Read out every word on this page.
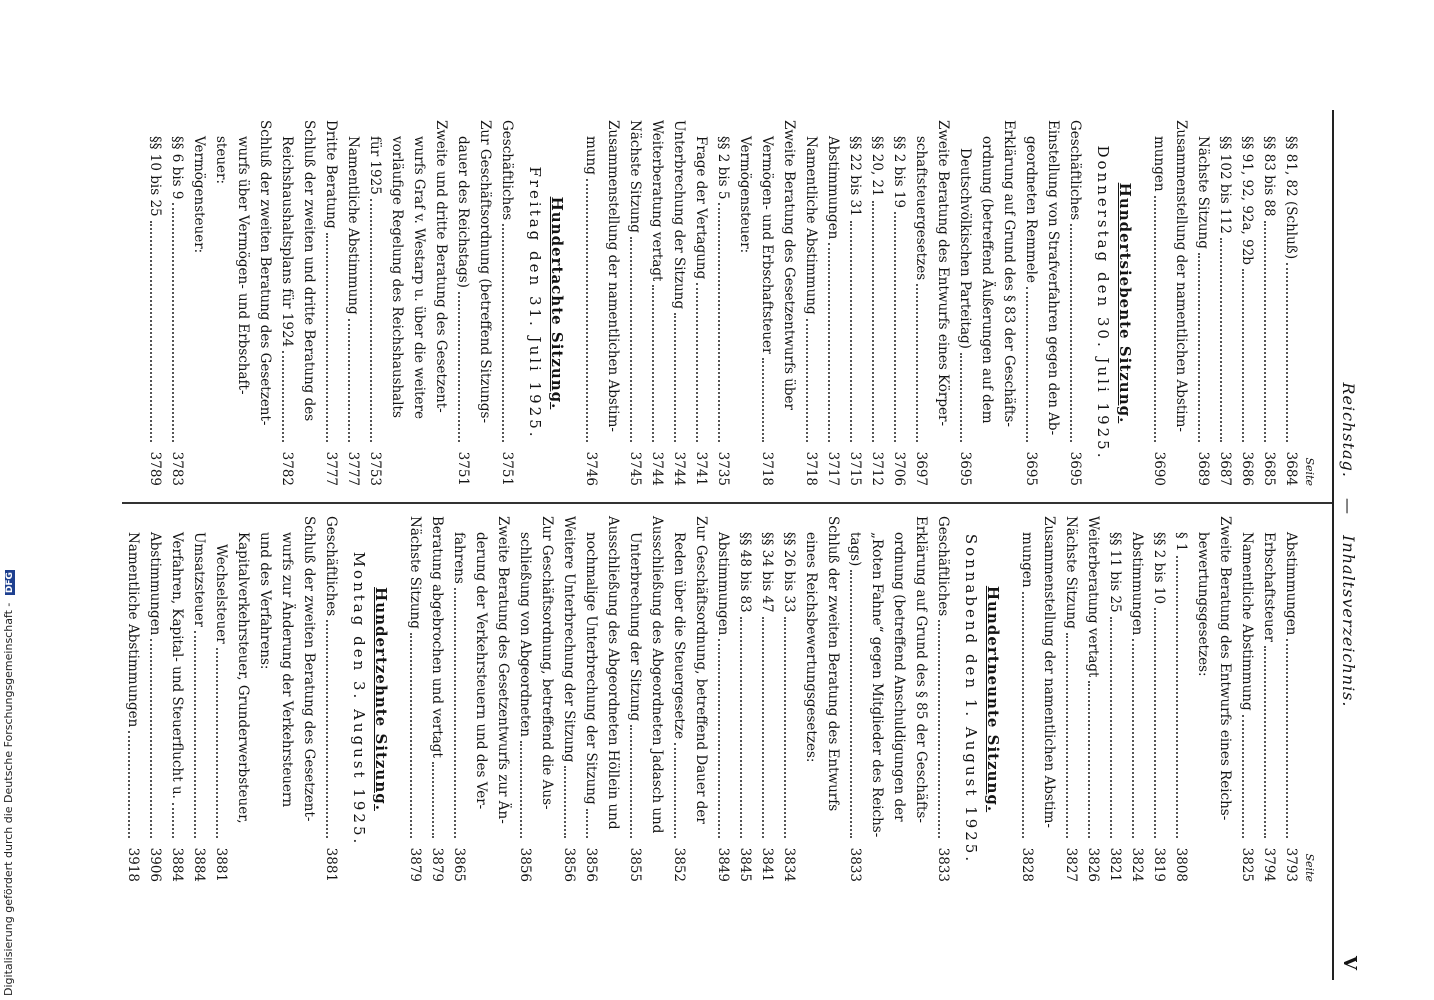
Reichstag. — Inhaltsverzeichnis.
V
Seite
§§ 81, 82 (Schluß)
3684
§§ 83 bis 88
3685
§§ 91, 92, 92a, 92b
3686
§§ 102 bis 112
3687
Nächste Sitzung
3689
Zusammenstellung der namentlichen Abstim-
mungen
3690
Hundertsiebente Sitzung.
Donnerstag den 30. Juli 1925.
Geschäftliches
3695
Einstellung von Strafverfahren gegen den Ab-
geordneten Remmele
3695
Erklärung auf Grund des § 83 der Geschäfts-
ordnung (betreffend Äußerungen auf dem
Deutschvölkischen Parteitag)
3695
Zweite Beratung des Entwurfs eines Körper-
schaftsteuergesetzes
3697
§§ 2 bis 19
3706
§§ 20, 21
3712
§§ 22 bis 31
3715
Abstimmungen
3717
Namentliche Abstimmung
3718
Zweite Beratung des Gesetzentwurfs über
Vermögen- und Erbschaftsteuer
3718
Vermögensteuer:
§§ 2 bis 5
3735
Frage der Vertagung
3741
Unterbrechung der Sitzung
3744
Weiterberatung vertagt
3744
Nächste Sitzung
3745
Zusammenstellung der namentlichen Abstim-
mung
3746
Hundertachte Sitzung.
Freitag den 31. Juli 1925.
Geschäftliches
3751
Zur Geschäftsordnung (betreffend Sitzungs-
dauer des Reichstags)
3751
Zweite und dritte Beratung des Gesetzent-
wurfs Graf v. Westarp u. über die weitere
vorläufige Regelung des Reichshaushalts
für 1925
3753
Namentliche Abstimmung
3777
Dritte Beratung
3777
Schluß der zweiten und dritte Beratung des
Reichshaushaltsplans für 1924
3782
Schluß der zweiten Beratung des Gesetzent-
wurfs über Vermögen- und Erbschaft-
steuer:
Vermögensteuer:
§§ 6 bis 9
3783
§§ 10 bis 25
3789
Seite
Abstimmungen
3793
Erbschaftsteuer
3794
Namentliche Abstimmung
3825
Zweite Beratung des Entwurfs eines Reichs-
bewertungsgesetzes:
§ 1
3808
§§ 2 bis 10
3819
Abstimmungen
3824
§§ 11 bis 25
3821
Weiterberatung vertagt
3826
Nächste Sitzung
3827
Zusammenstellung der namentlichen Abstim-
mungen
3828
Hundertneunte Sitzung.
Sonnabend den 1. August 1925.
Geschäftliches
3833
Erklärung auf Grund des § 85 der Geschäfts-
ordnung (betreffend Anschuldigungen der
„Roten Fahne“ gegen Mitglieder des Reichs-
tags)
3833
Schluß der zweiten Beratung des Entwurfs
eines Reichsbewertungsgesetzes:
§§ 26 bis 33
3834
§§ 34 bis 47
3841
§§ 48 bis 83
3845
Abstimmungen
3849
Zur Geschäftsordnung, betreffend Dauer der
Reden über die Steuergesetze
3852
Ausschließung des Abgeordneten Jadasch und
Unterbrechung der Sitzung
3855
Ausschließung des Abgeordneten Höllein und
nochmalige Unterbrechung der Sitzung
3856
Weitere Unterbrechung der Sitzung
3856
Zur Geschäftsordnung, betreffend die Aus-
schließung von Abgeordneten
3856
Zweite Beratung des Gesetzentwurfs zur Än-
derung der Verkehrsteuern und des Ver-
fahrens
3865
Beratung abgebrochen und vertagt
3879
Nächste Sitzung
3879
Hundertzehnte Sitzung.
Montag den 3. August 1925.
Geschäftliches
3881
Schluß der zweiten Beratung des Gesetzent-
wurfs zur Änderung der Verkehrsteuern
und des Verfahrens:
Kapitalverkehrsteuer, Grunderwerbsteuer,
Wechselsteuer
3881
Umsatzsteuer
3884
Verfahren, Kapital- und Steuerflucht u.
3884
Abstimmungen
3906
Namentliche Abstimmungen
3918
Digitalisierung gefördert durch die Deutsche Forschungsgemeinschaft - DFG
